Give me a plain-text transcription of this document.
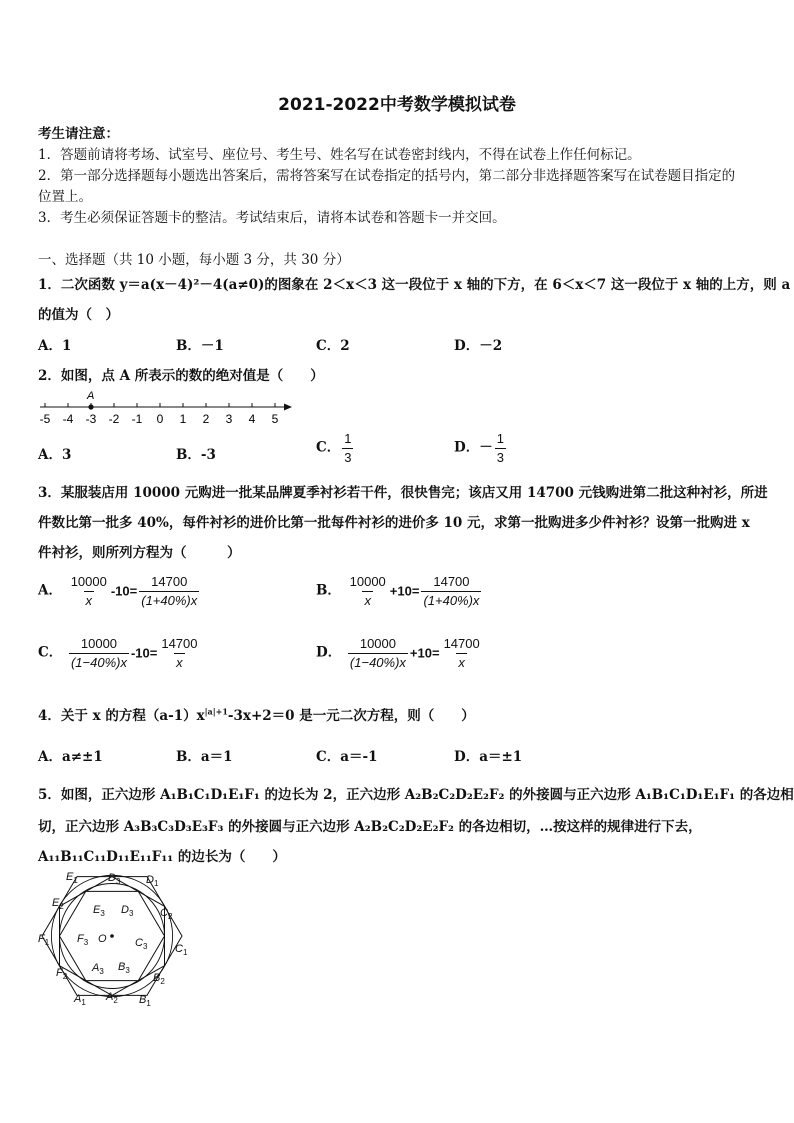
2021-2022中考数学模拟试卷
考生请注意：
1．答题前请将考场、试室号、座位号、考生号、姓名写在试卷密封线内，不得在试卷上作任何标记。
2．第一部分选择题每小题选出答案后，需将答案写在试卷指定的括号内，第二部分非选择题答案写在试卷题目指定的
位置上。
3．考生必须保证答题卡的整洁。考试结束后，请将本试卷和答题卡一并交回。
一、选择题（共 10 小题，每小题 3 分，共 30 分）
1．二次函数 y＝a(x－4)²－4(a≠0)的图象在 2＜x＜3 这一段位于 x 轴的下方，在 6＜x＜7 这一段位于 x 轴的上方，则 a
的值为（　）
A．1	B．－1	C．2	D．－2
2．如图，点 A 所表示的数的绝对值是（　　）
-5 -4 -3 -2 -1 0 1 2 3 4 5
A
A．3	B．-3	C． $\frac{1}{3}$	D．－ $\frac{1}{3}$
3．某服装店用 10000 元购进一批某品牌夏季衬衫若干件，很快售完；该店又用 14700 元钱购进第二批这种衬衫，所进
件数比第一批多 40%，每件衬衫的进价比第一批每件衬衫的进价多 10 元，求第一批购进多少件衬衫？设第一批购进 x
件衬衫，则所列方程为（　　　）
A． $\frac{10000}{x} -10= \frac{14700}{(1+40\%)x}$	B． $\frac{10000}{x} +10= \frac{14700}{(1+40\%)x}$
C． $\frac{10000}{(1-40\%)x} -10= \frac{14700}{x}$	D． $\frac{10000}{(1-40\%)x} +10= \frac{14700}{x}$
4．关于 x 的方程$(a-1)x^{|a|+1}-3x+2=0$ 是一元二次方程，则（　　）
A．a≠±1	B．a＝1	C．a＝-1	D．a＝±1
5．如图，正六边形 A₁B₁C₁D₁E₁F₁ 的边长为 2，正六边形 A₂B₂C₂D₂E₂F₂ 的外接圆与正六边形 A₁B₁C₁D₁E₁F₁ 的各边相
切，正六边形 A₃B₃C₃D₃E₃F₃ 的外接圆与正六边形 A₂B₂C₂D₂E₂F₂ 的各边相切，…按这样的规律进行下去，
A₁₁B₁₁C₁₁D₁₁E₁₁F₁₁ 的边长为（　　）
$E_1$	$D_3$ $D_1$
$E_2$	$E_3$ $D_3$ $C_2$
$F_1$	$F_3$ O	$C_3$	$C_1$
$F_2$
$A_3$ $B_3$
$B_2$
$A_1$ $A_2$ $B_1$
